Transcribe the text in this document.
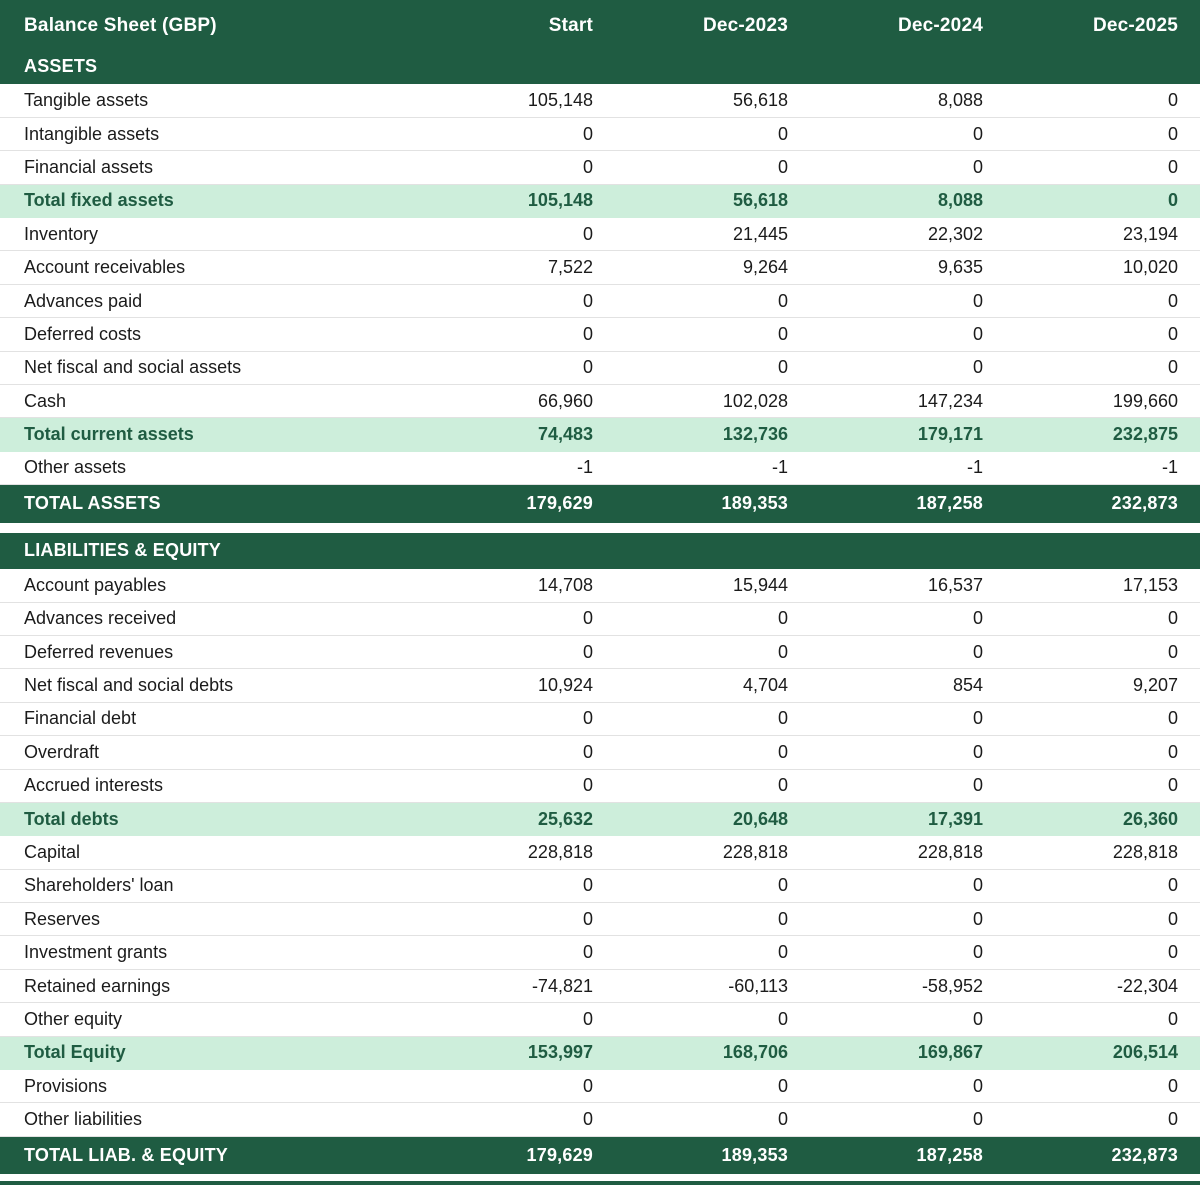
Balance Sheet (GBP)	Start	Dec-2023	Dec-2024	Dec-2025
ASSETS				
Tangible assets	105,148	56,618	8,088	0
Intangible assets	0	0	0	0
Financial assets	0	0	0	0
Total fixed assets	105,148	56,618	8,088	0
Inventory	0	21,445	22,302	23,194
Account receivables	7,522	9,264	9,635	10,020
Advances paid	0	0	0	0
Deferred costs	0	0	0	0
Net fiscal and social assets	0	0	0	0
Cash	66,960	102,028	147,234	199,660
Total current assets	74,483	132,736	179,171	232,875
Other assets	-1	-1	-1	-1
TOTAL ASSETS	179,629	189,353	187,258	232,873

LIABILITIES & EQUITY				
Account payables	14,708	15,944	16,537	17,153
Advances received	0	0	0	0
Deferred revenues	0	0	0	0
Net fiscal and social debts	10,924	4,704	854	9,207
Financial debt	0	0	0	0
Overdraft	0	0	0	0
Accrued interests	0	0	0	0
Total debts	25,632	20,648	17,391	26,360
Capital	228,818	228,818	228,818	228,818
Shareholders' loan	0	0	0	0
Reserves	0	0	0	0
Investment grants	0	0	0	0
Retained earnings	-74,821	-60,113	-58,952	-22,304
Other equity	0	0	0	0
Total Equity	153,997	168,706	169,867	206,514
Provisions	0	0	0	0
Other liabilities	0	0	0	0
TOTAL LIAB. & EQUITY	179,629	189,353	187,258	232,873
